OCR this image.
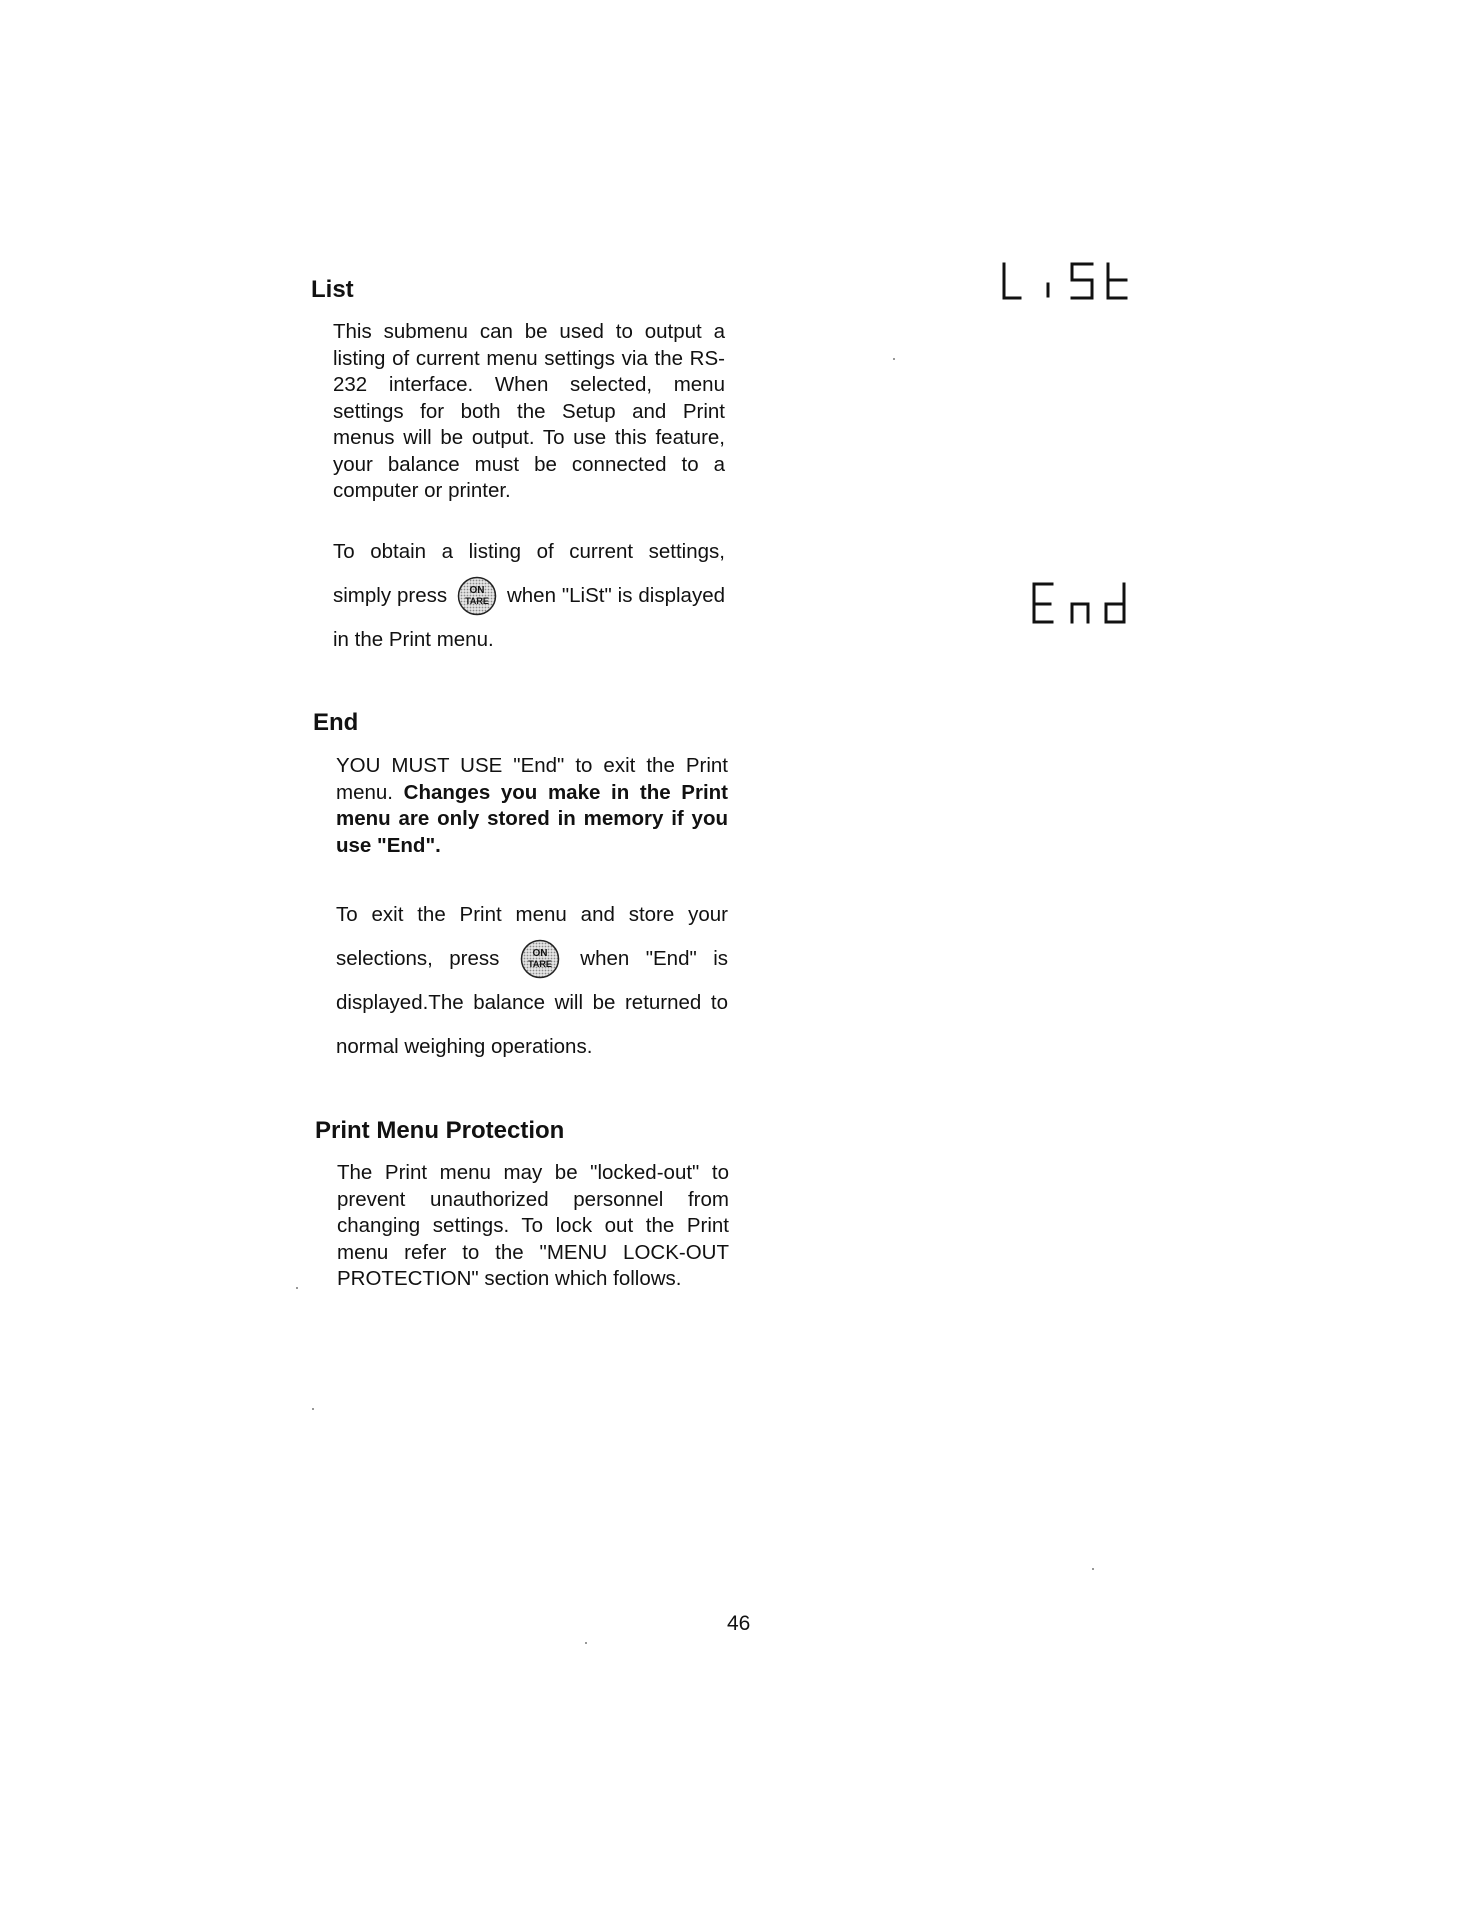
List

This submenu can be used to output a listing of current menu settings via the RS-232 interface. When selected, menu settings for both the Setup and Print menus will be output. To use this feature, your balance must be connected to a computer or printer.

To obtain a listing of current settings, simply press ON
TARE when "LiSt" is displayed in the Print menu.

LiSt
End

YOU MUST USE "End" to exit the Print menu. Changes you make in the Print menu are only stored in memory if you use "End".

To exit the Print menu and store your selections, press	ON
TARE when "End" is displayed.The balance will be returned to normal weighing operations.

End
Print Menu Protection

The Print menu may be "locked-out" to prevent unauthorized personnel from changing settings. To lock out the Print menu refer to the "MENU LOCK-OUT PROTECTION" section which follows.

46
